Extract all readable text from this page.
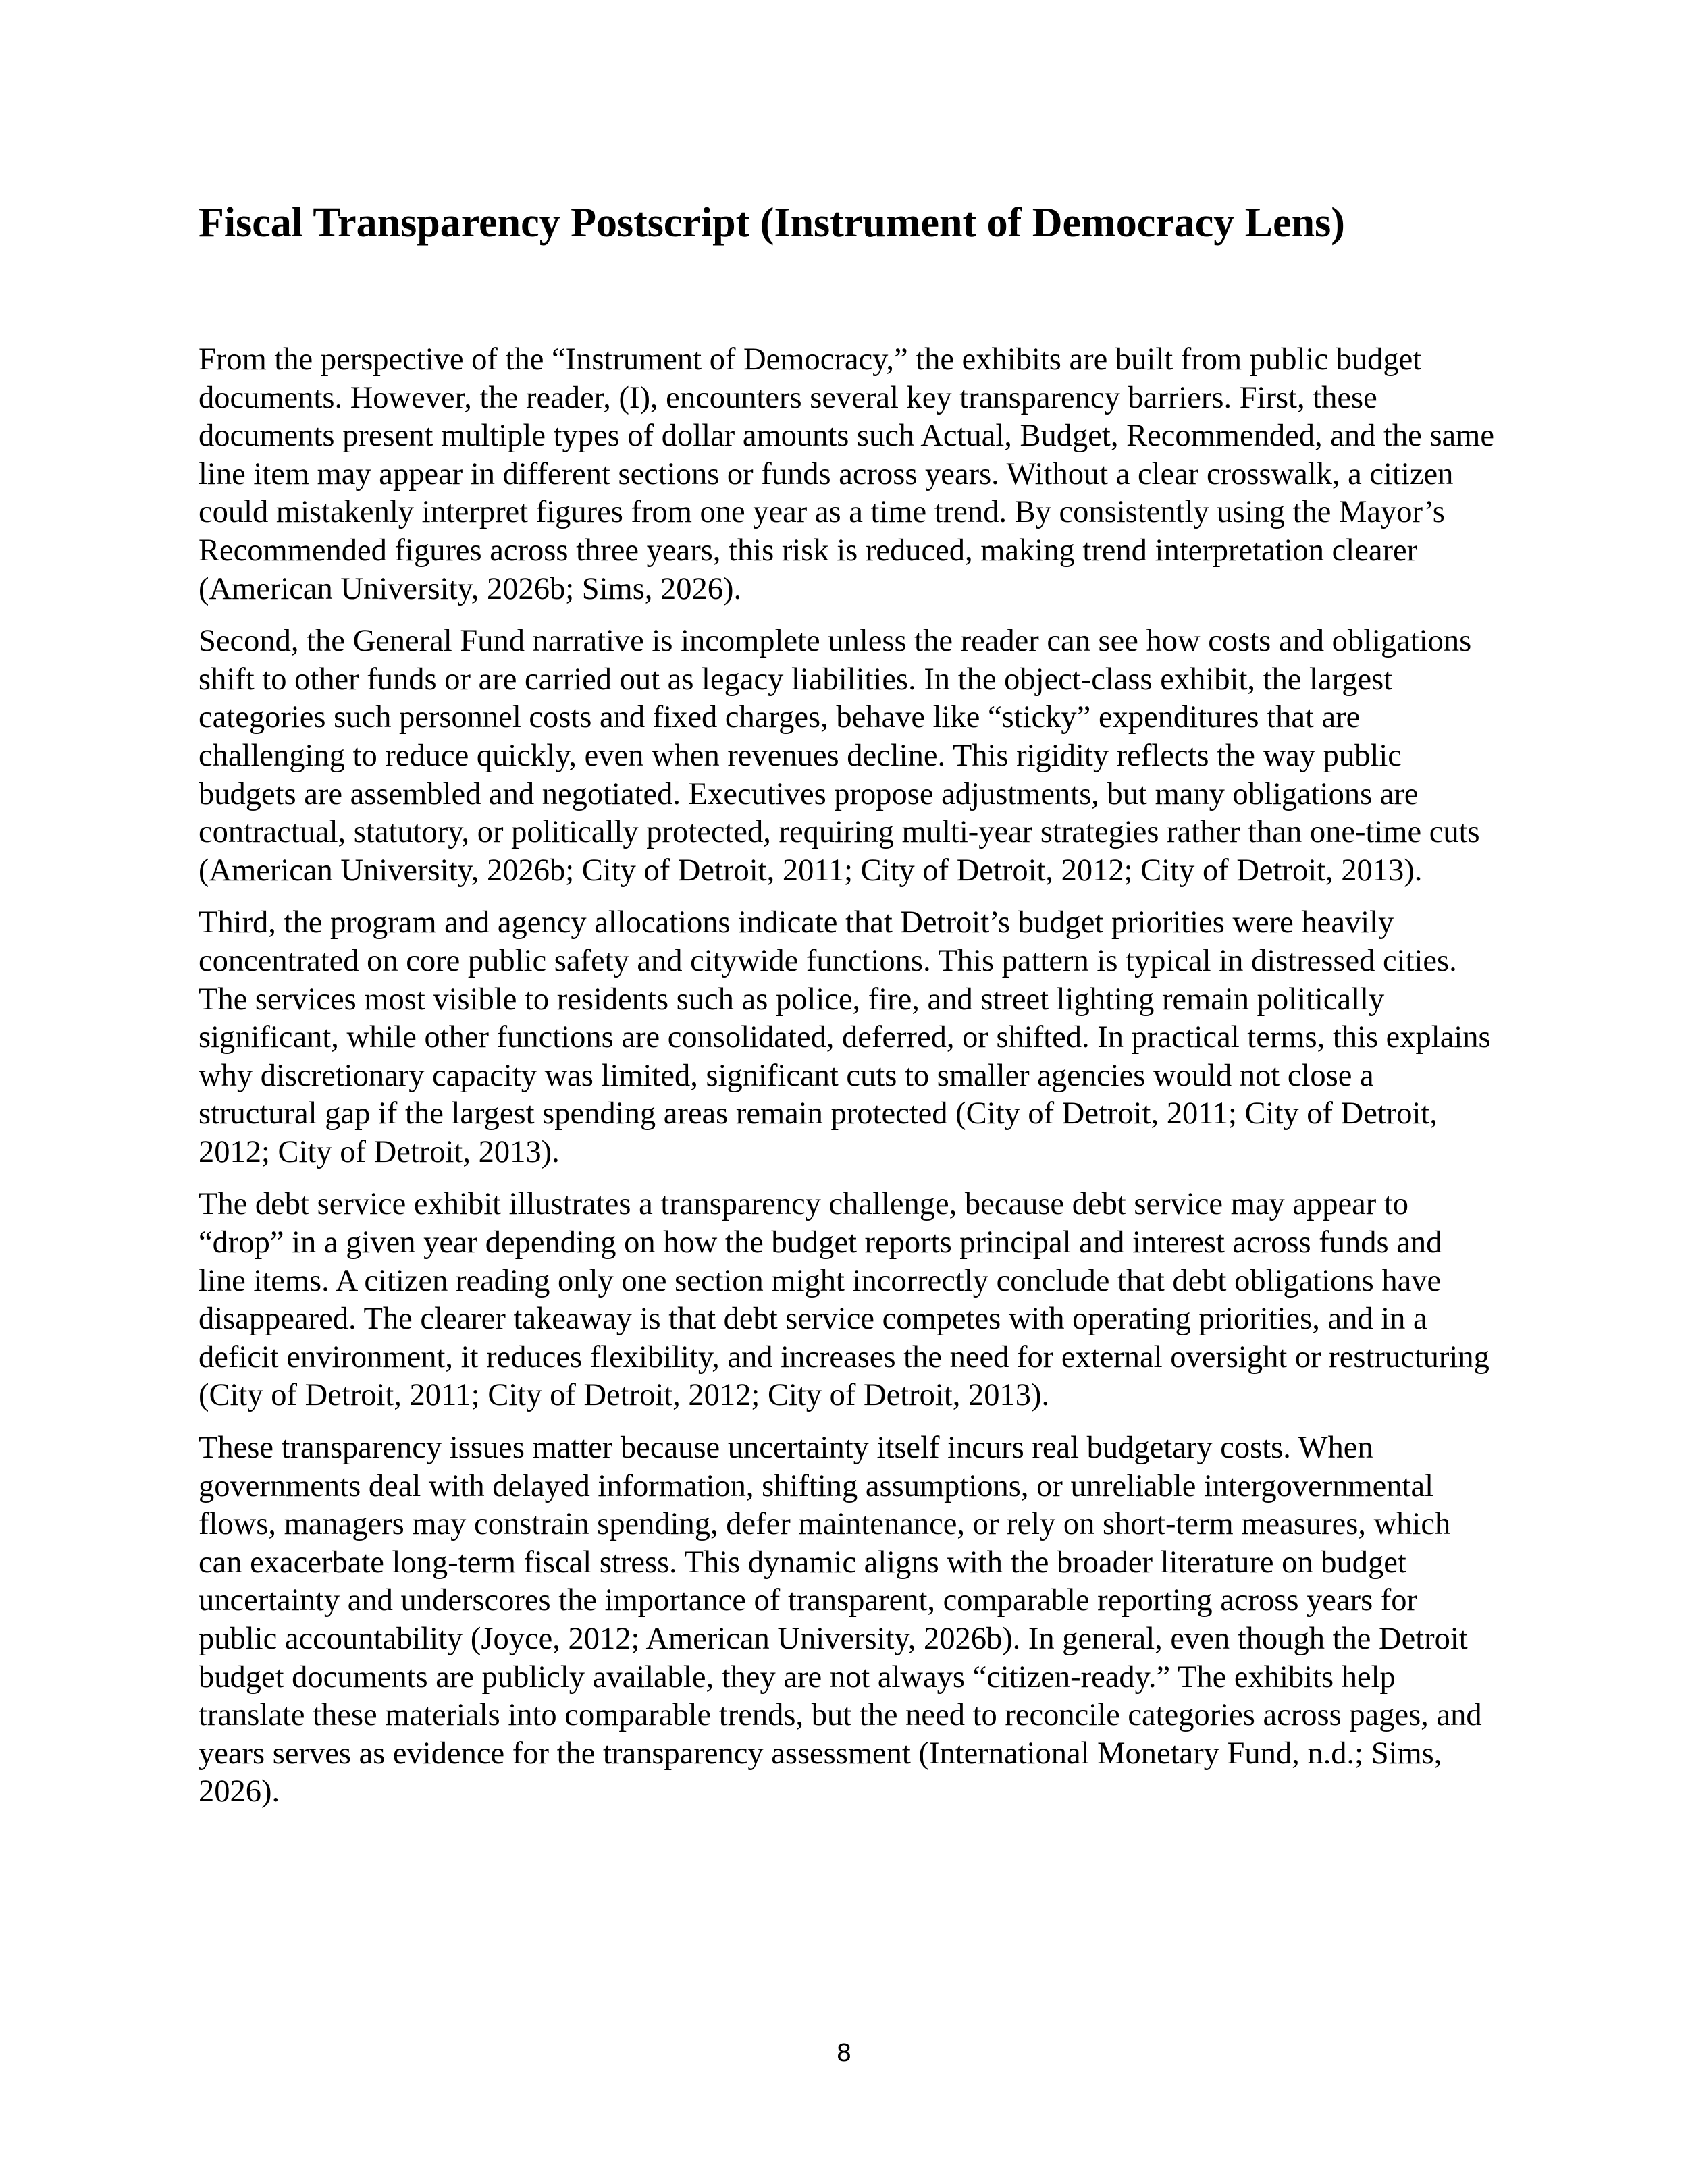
Fiscal Transparency Postscript (Instrument of Democracy Lens)

From the perspective of the “Instrument of Democracy,” the exhibits are built from public budget documents. However, the reader, (I), encounters several key transparency barriers. First, these documents present multiple types of dollar amounts such Actual, Budget, Recommended, and the same line item may appear in different sections or funds across years. Without a clear crosswalk, a citizen could mistakenly interpret figures from one year as a time trend. By consistently using the Mayor’s Recommended figures across three years, this risk is reduced, making trend interpretation clearer (American University, 2026b; Sims, 2026).

Second, the General Fund narrative is incomplete unless the reader can see how costs and obligations shift to other funds or are carried out as legacy liabilities. In the object-class exhibit, the largest categories such personnel costs and fixed charges, behave like “sticky” expenditures that are challenging to reduce quickly, even when revenues decline. This rigidity reflects the way public budgets are assembled and negotiated. Executives propose adjustments, but many obligations are contractual, statutory, or politically protected, requiring multi-year strategies rather than one-time cuts (American University, 2026b; City of Detroit, 2011; City of Detroit, 2012; City of Detroit, 2013).

Third, the program and agency allocations indicate that Detroit’s budget priorities were heavily concentrated on core public safety and citywide functions. This pattern is typical in distressed cities. The services most visible to residents such as police, fire, and street lighting remain politically significant, while other functions are consolidated, deferred, or shifted. In practical terms, this explains why discretionary capacity was limited, significant cuts to smaller agencies would not close a structural gap if the largest spending areas remain protected (City of Detroit, 2011; City of Detroit, 2012; City of Detroit, 2013).

The debt service exhibit illustrates a transparency challenge, because debt service may appear to “drop” in a given year depending on how the budget reports principal and interest across funds and line items. A citizen reading only one section might incorrectly conclude that debt obligations have disappeared. The clearer takeaway is that debt service competes with operating priorities, and in a deficit environment, it reduces flexibility, and increases the need for external oversight or restructuring (City of Detroit, 2011; City of Detroit, 2012; City of Detroit, 2013).

These transparency issues matter because uncertainty itself incurs real budgetary costs. When governments deal with delayed information, shifting assumptions, or unreliable intergovernmental flows, managers may constrain spending, defer maintenance, or rely on short-term measures, which can exacerbate long-term fiscal stress. This dynamic aligns with the broader literature on budget uncertainty and underscores the importance of transparent, comparable reporting across years for public accountability (Joyce, 2012; American University, 2026b). In general, even though the Detroit budget documents are publicly available, they are not always “citizen-ready.” The exhibits help translate these materials into comparable trends, but the need to reconcile categories across pages, and years serves as evidence for the transparency assessment (International Monetary Fund, n.d.; Sims, 2026).

8
